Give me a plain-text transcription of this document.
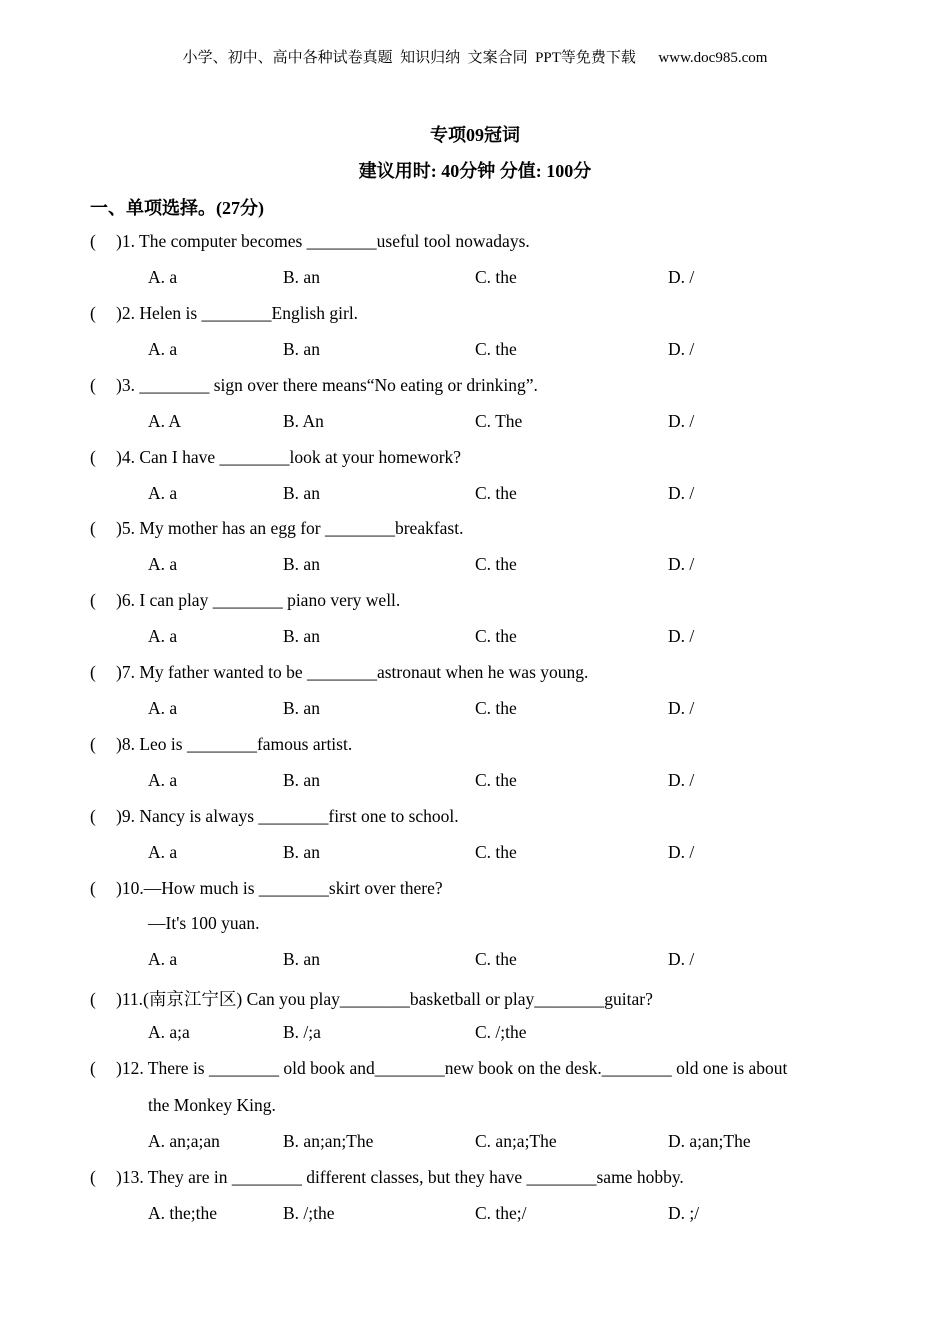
小学、初中、高中各种试卷真题  知识归纳  文案合同  PPT等免费下载      www.doc985.com
专项09冠词
建议用时: 40分钟 分值: 100分
一、单项选择。(27分)
( )1. The computer becomes ________useful tool nowadays.
A. a	B. an	C. the	D. /
( )2. Helen is ________English girl.
A. a	B. an	C. the	D. /
( )3. ________ sign over there means“No eating or drinking”.
A. A	B. An	C. The	D. /
( )4. Can I have ________look at your homework?
A. a	B. an	C. the	D. /
( )5. My mother has an egg for ________breakfast.
A. a	B. an	C. the	D. /
( )6. I can play ________ piano very well.
A. a	B. an	C. the	D. /
( )7. My father wanted to be ________astronaut when he was young.
A. a	B. an	C. the	D. /
( )8. Leo is ________famous artist.
A. a	B. an	C. the	D. /
( )9. Nancy is always ________first one to school.
A. a	B. an	C. the	D. /
( )10.—How much is ________skirt over there?
—It's 100 yuan.
A. a	B. an	C. the	D. /
( )11.(南京江宁区) Can you play________basketball or play________guitar?
A. a;a	B. /;a	C. /;the
( )12. There is ________ old book and________new book on the desk.________ old one is about
the Monkey King.
A. an;a;an	B. an;an;The	C. an;a;The	D. a;an;The
( )13. They are in ________ different classes, but they have ________same hobby.
A. the;the	B. /;the	C. the;/	D. ;/
